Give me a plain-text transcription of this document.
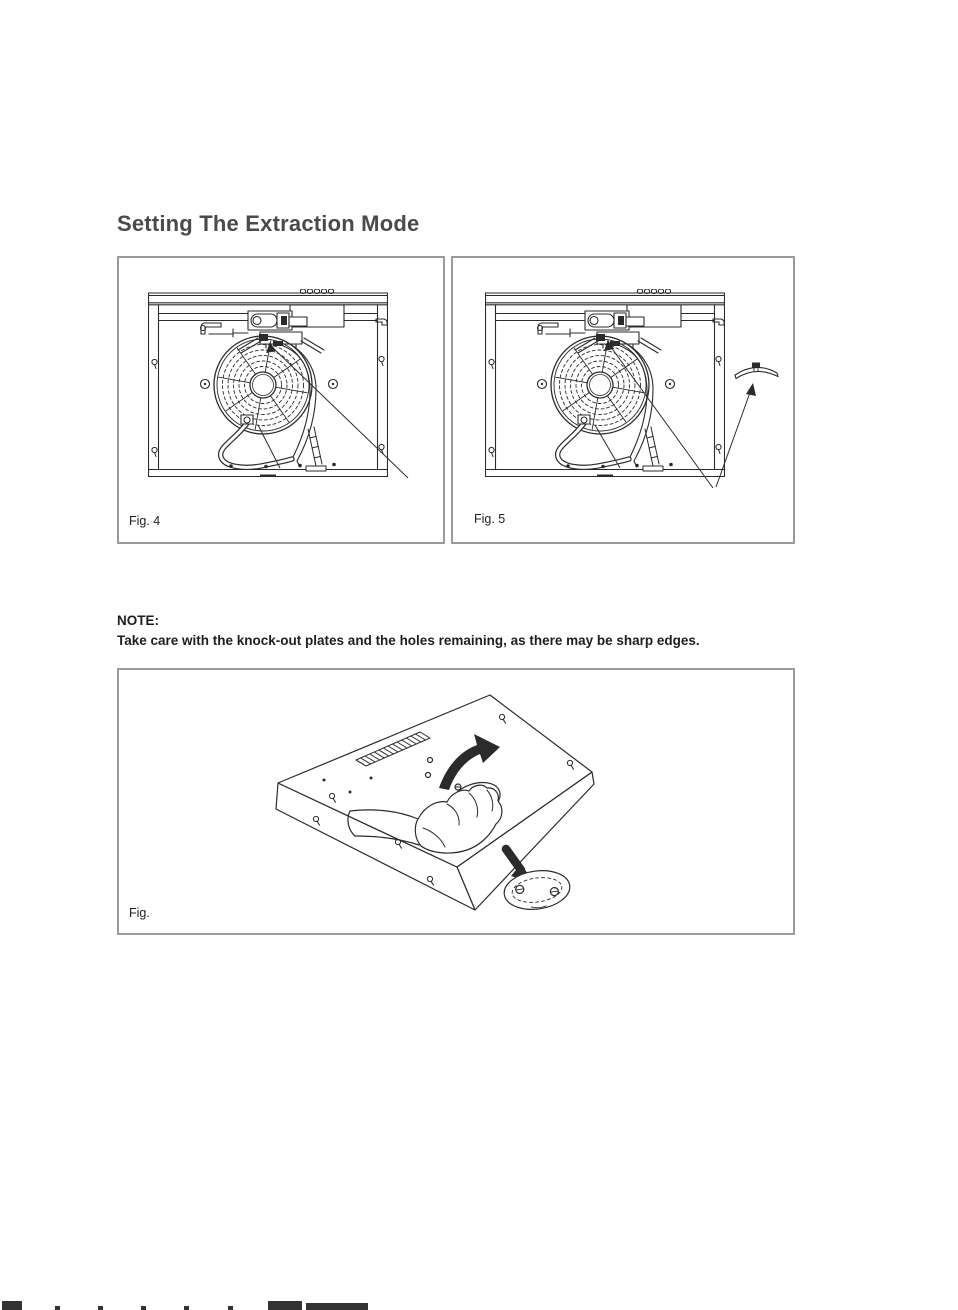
Setting The Extraction Mode
Fig. 4	Fig. 5

NOTE:

Take care with the knock-out plates and the holes remaining, as there may be sharp edges.

Fig.
